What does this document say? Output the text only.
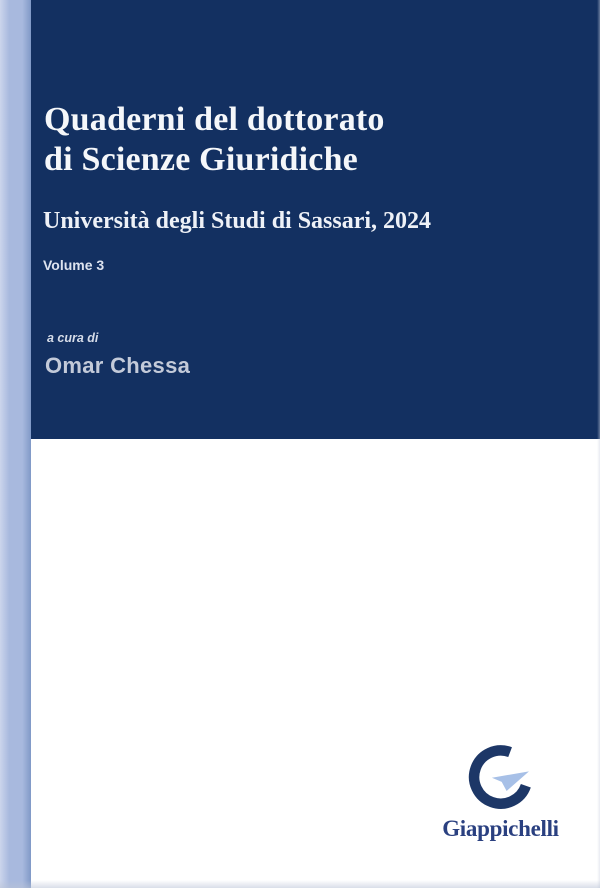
Quaderni del dottorato
di Scienze Giuridiche
Università degli Studi di Sassari, 2024
Volume 3
a cura di
Omar Chessa
Giappichelli
